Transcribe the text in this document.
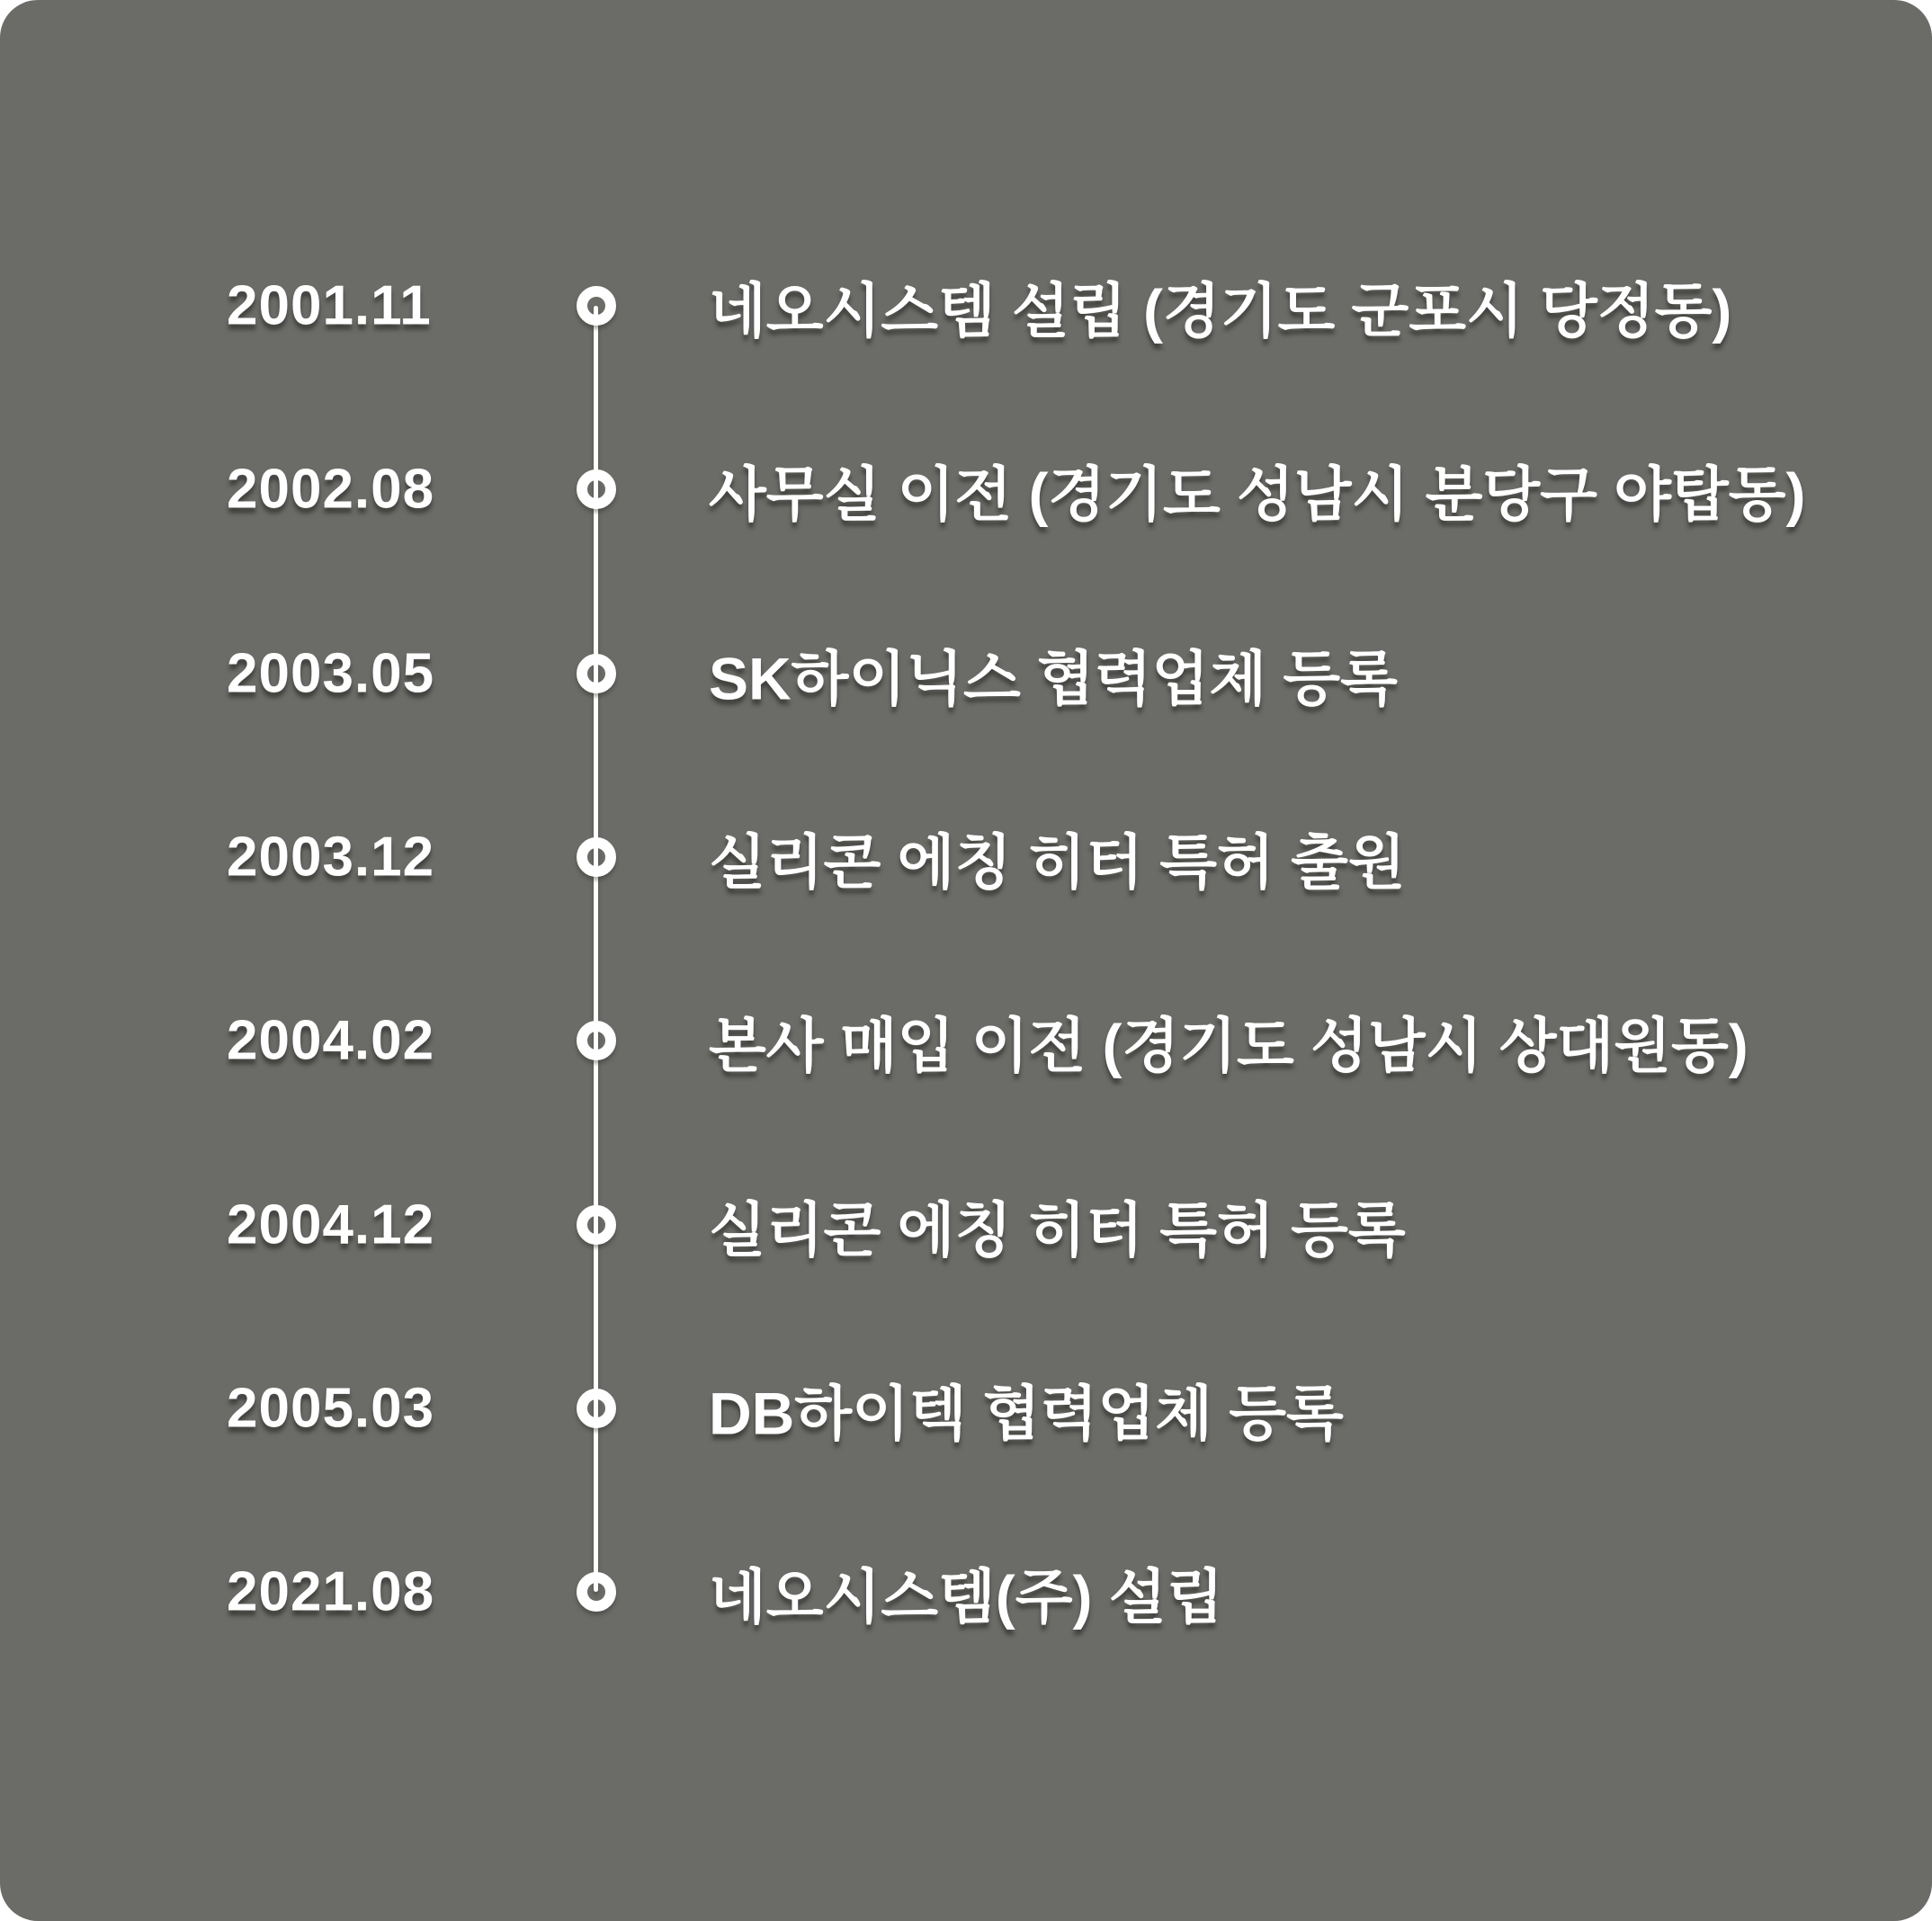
2001.11	네오시스템 설립 (경기도 군포시 당정동)
2002.08	사무실 이전 (경기도 성남시 분당구 야탑동)
2003.05	SK하이닉스 협력업체 등록
2003.12	실리콘 에칭 히터 특허 출원
2004.02	본사 매입 이전 (경기도 성남시 상대원동)
2004.12	실리콘 에칭 히터 특허 등록
2005.03	DB하이텍 협력업체 등록
2021.08	네오시스템(주) 설립
